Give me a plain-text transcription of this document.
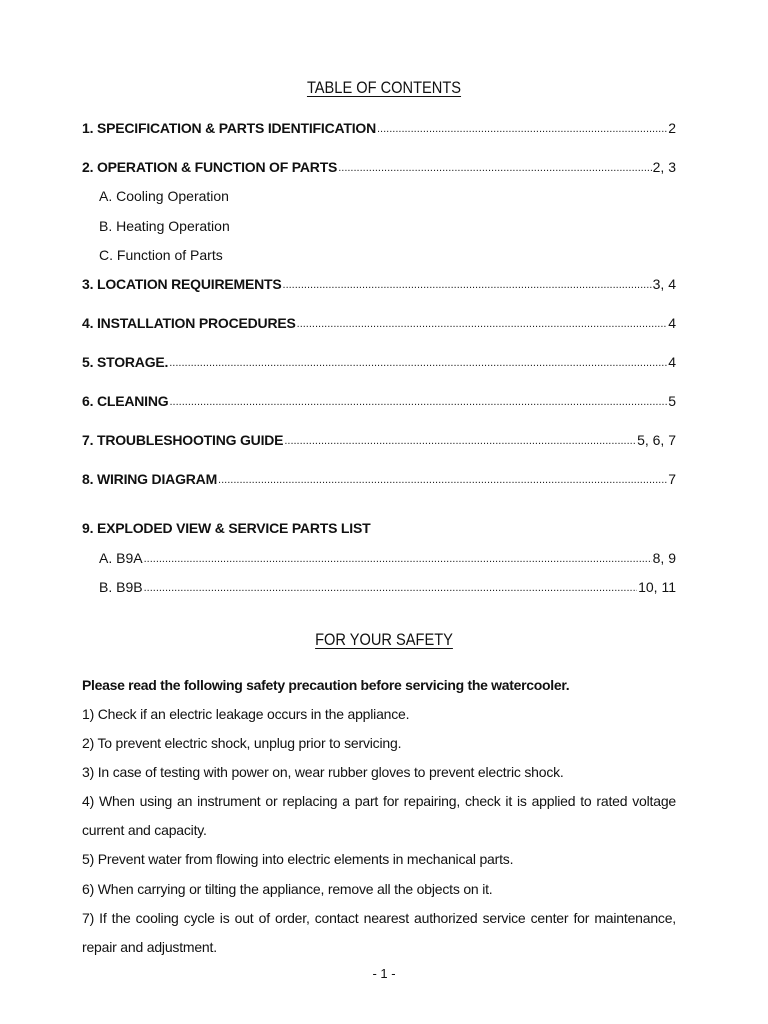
TABLE OF CONTENTS
1. SPECIFICATION & PARTS IDENTIFICATION .....	2
2. OPERATION & FUNCTION OF PARTS .....	2, 3
A. Cooling Operation
B. Heating Operation
C. Function of Parts
3. LOCATION REQUIREMENTS .....	3, 4
4. INSTALLATION PROCEDURES .....	4
5. STORAGE. .....	4
6. CLEANING .....	5
7. TROUBLESHOOTING GUIDE .....	5, 6, 7
8. WIRING DIAGRAM .....	7
9. EXPLODED VIEW & SERVICE PARTS LIST
A. B9A .....	8, 9
B. B9B .....	10, 11
FOR YOUR SAFETY
Please read the following safety precaution before servicing the watercooler.
1) Check if an electric leakage occurs in the appliance.
2) To prevent electric shock, unplug prior to servicing.
3) In case of testing with power on, wear rubber gloves to prevent electric shock.
4) When using an instrument or replacing a part for repairing, check it is applied to rated voltage current and capacity.
5) Prevent water from flowing into electric elements in mechanical parts.
6) When carrying or tilting the appliance, remove all the objects on it.
7) If the cooling cycle is out of order, contact nearest authorized service center for maintenance, repair and adjustment.
- 1 -
